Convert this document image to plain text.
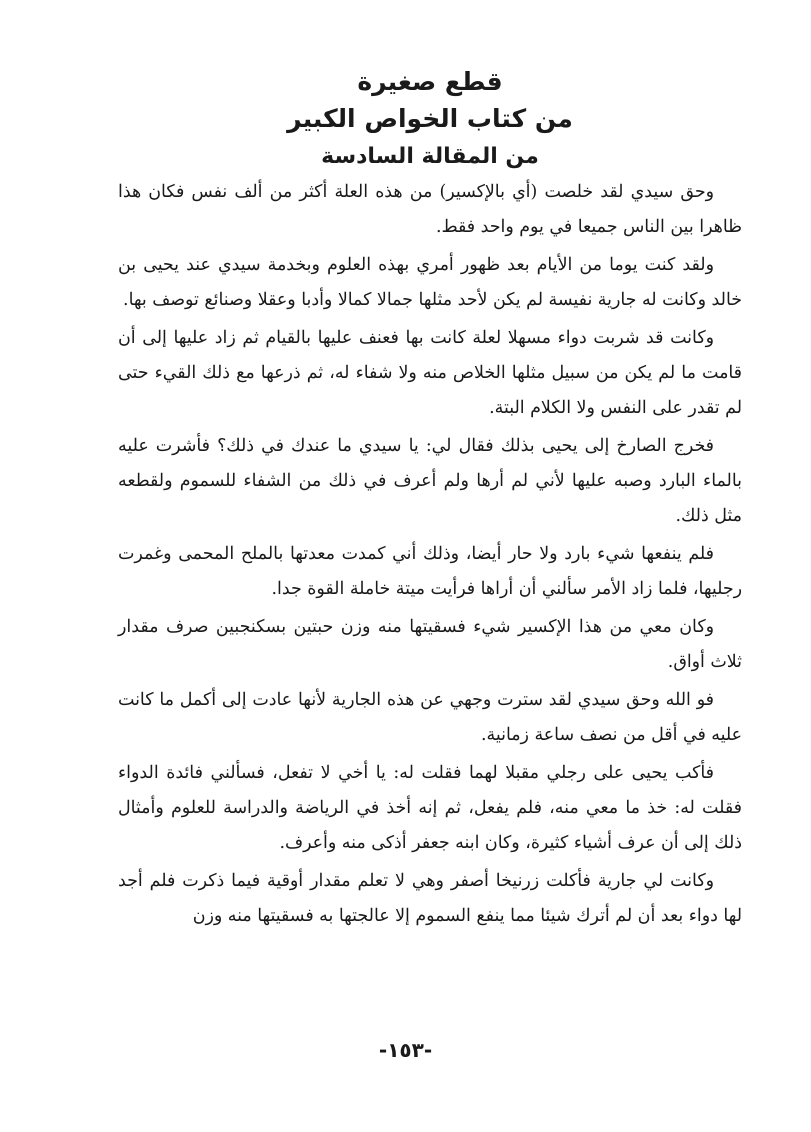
قطع صغيرة
من كتاب الخواص الكبير
من المقالة السادسة

وحق سيدي لقد خلصت (أي بالإكسير) من هذه العلة أكثر من ألف نفس فكان هذا ظاهرا بين الناس جميعا في يوم واحد فقط.

ولقد كنت يوما من الأيام بعد ظهور أمري بهذه العلوم وبخدمة سيدي عند يحيى بن خالد وكانت له جارية نفيسة لم يكن لأحد مثلها جمالا كمالا وأدبا وعقلا وصنائع توصف بها.

وكانت قد شربت دواء مسهلا لعلة كانت بها فعنف عليها بالقيام ثم زاد عليها إلى أن قامت ما لم يكن من سبيل مثلها الخلاص منه ولا شفاء له، ثم ذرعها مع ذلك القيء حتى لم تقدر على النفس ولا الكلام البتة.

فخرج الصارخ إلى يحيى بذلك فقال لي: يا سيدي ما عندك في ذلك؟ فأشرت عليه بالماء البارد وصبه عليها لأني لم أرها ولم أعرف في ذلك من الشفاء للسموم ولقطعه مثل ذلك.

فلم ينفعها شيء بارد ولا حار أيضا، وذلك أني كمدت معدتها بالملح المحمى وغمرت رجليها، فلما زاد الأمر سألني أن أراها فرأيت ميتة خاملة القوة جدا.

وكان معي من هذا الإكسير شيء فسقيتها منه وزن حبتين بسكنجبين صرف مقدار ثلاث أواق.

فو الله وحق سيدي لقد سترت وجهي عن هذه الجارية لأنها عادت إلى أكمل ما كانت عليه في أقل من نصف ساعة زمانية.

فأكب يحيى على رجلي مقبلا لهما فقلت له: يا أخي لا تفعل، فسألني فائدة الدواء فقلت له: خذ ما معي منه، فلم يفعل، ثم إنه أخذ في الرياضة والدراسة للعلوم وأمثال ذلك إلى أن عرف أشياء كثيرة، وكان ابنه جعفر أذكى منه وأعرف.

وكانت لي جارية فأكلت زرنيخا أصفر وهي لا تعلم مقدار أوقية فيما ذكرت فلم أجد لها دواء بعد أن لم أترك شيئا مما ينفع السموم إلا عالجتها به فسقيتها منه وزن

-١٥٣-
